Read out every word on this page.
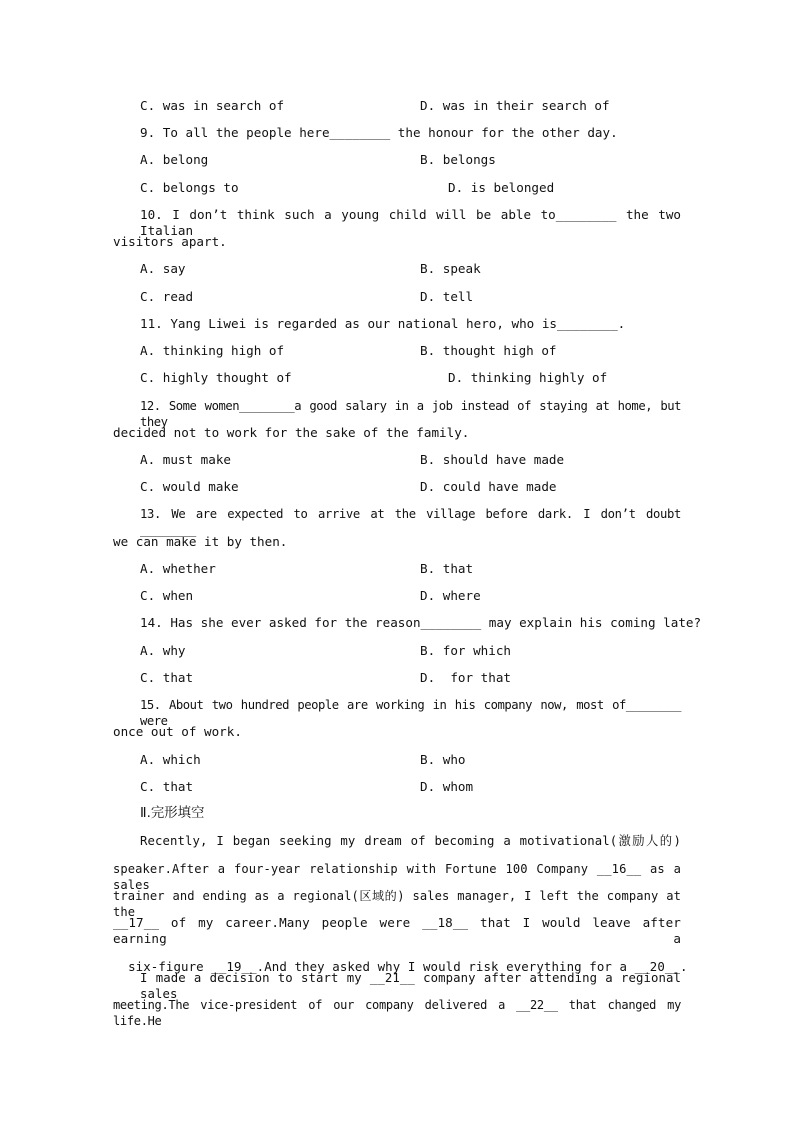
C. was in search of	D. was in their search of
9. To all the people here________ the honour for the other day.
A. belong	B. belongs
C. belongs to	D. is belonged
10. I don’t think such a young child will be able to________ the two Italian
visitors apart.
A. say	B. speak
C. read	D. tell
11. Yang Liwei is regarded as our national hero, who is________.
A. thinking high of	B. thought high of
C. highly thought of	D. thinking highly of
12. Some women________a good salary in a job instead of staying at home, but they
decided not to work for the sake of the family.
A. must make	B. should have made
C. would make	D. could have made
13. We are expected to arrive at the village before dark. I don’t doubt ________
we can make it by then.
A. whether	B. that
C. when	D. where
14. Has she ever asked for the reason________ may explain his coming late?
A. why	B. for which
C. that	D.  for that
15. About two hundred people are working in his company now, most of________ were
once out of work.
A. which	B. who
C. that	D. whom
Ⅱ.完形填空
Recently, I began seeking my dream of becoming a motivational(激励人的)
speaker.After a four-year relationship with Fortune 100 Company __16__ as a sales
trainer and ending as a regional(区域的) sales manager, I left the company at the
__17__ of my career.Many people were __18__ that I would leave after earning a

six-figure __19__.And they asked why I would risk everything for a __20__.

I made a decision to start my __21__ company after attending a regional sales
meeting.The vice-president of our company delivered a __22__ that changed my life.He
